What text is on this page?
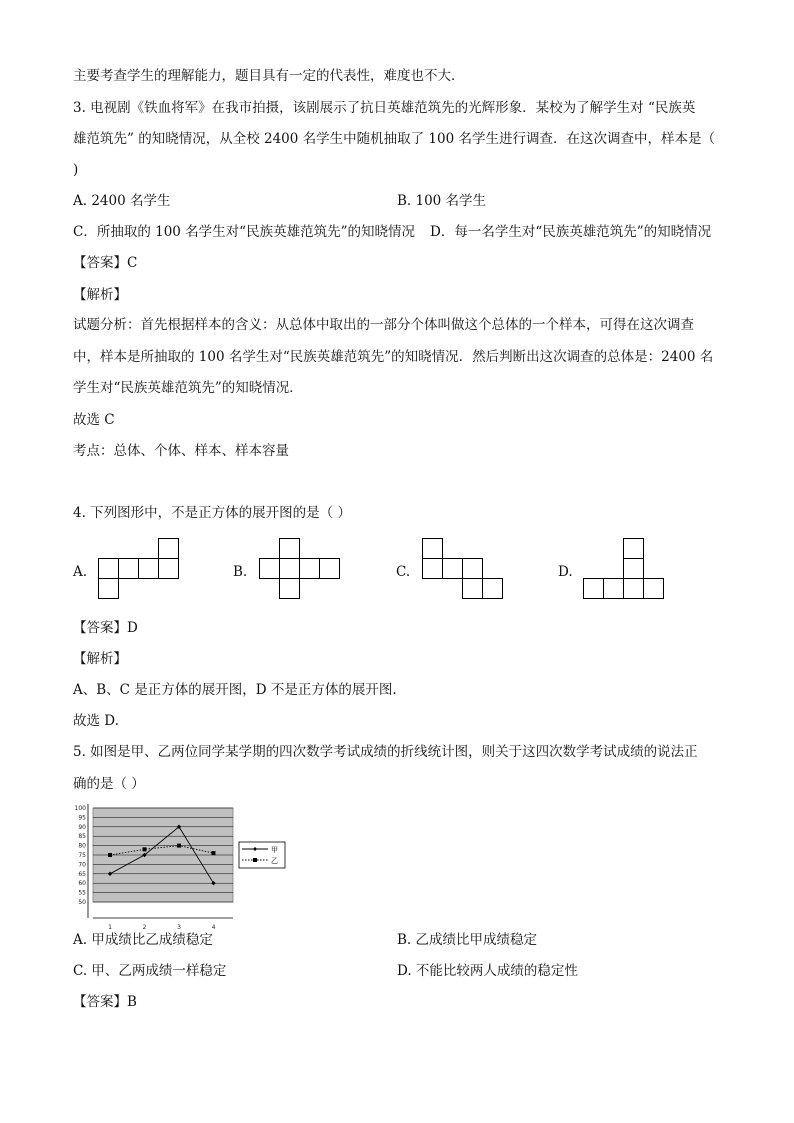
主要考查学生的理解能力，题目具有一定的代表性，难度也不大．
3. 电视剧《铁血将军》在我市拍摄，该剧展示了抗日英雄范筑先的光辉形象．某校为了解学生对 “民族英
雄范筑先” 的知晓情况，从全校 2400 名学生中随机抽取了 100 名学生进行调查．在这次调查中，样本是（
)
A. 2400 名学生	B. 100 名学生
C．所抽取的 100 名学生对“民族英雄范筑先”的知晓情况 D．每一名学生对“民族英雄范筑先”的知晓情况
【答案】C
【解析】
试题分析：首先根据样本的含义：从总体中取出的一部分个体叫做这个总体的一个样本，可得在这次调查
中，样本是所抽取的 100 名学生对“民族英雄范筑先”的知晓情况．然后判断出这次调查的总体是：2400 名
学生对“民族英雄范筑先”的知晓情况．
故选 C
考点：总体、个体、样本、样本容量
4. 下列图形中，不是正方体的展开图的是（ ）
A.	B.	C.	D.
【答案】D
【解析】
A、B、C 是正方体的展开图，D 不是正方体的展开图.
故选 D.
5. 如图是甲、乙两位同学某学期的四次数学考试成绩的折线统计图，则关于这四次数学考试成绩的说法正
确的是（ ）
100
95
90
85
80
75
70
65
60
55
50
1	2	3	4
甲
乙
A. 甲成绩比乙成绩稳定	B. 乙成绩比甲成绩稳定
C. 甲、乙两成绩一样稳定	D. 不能比较两人成绩的稳定性
【答案】B
